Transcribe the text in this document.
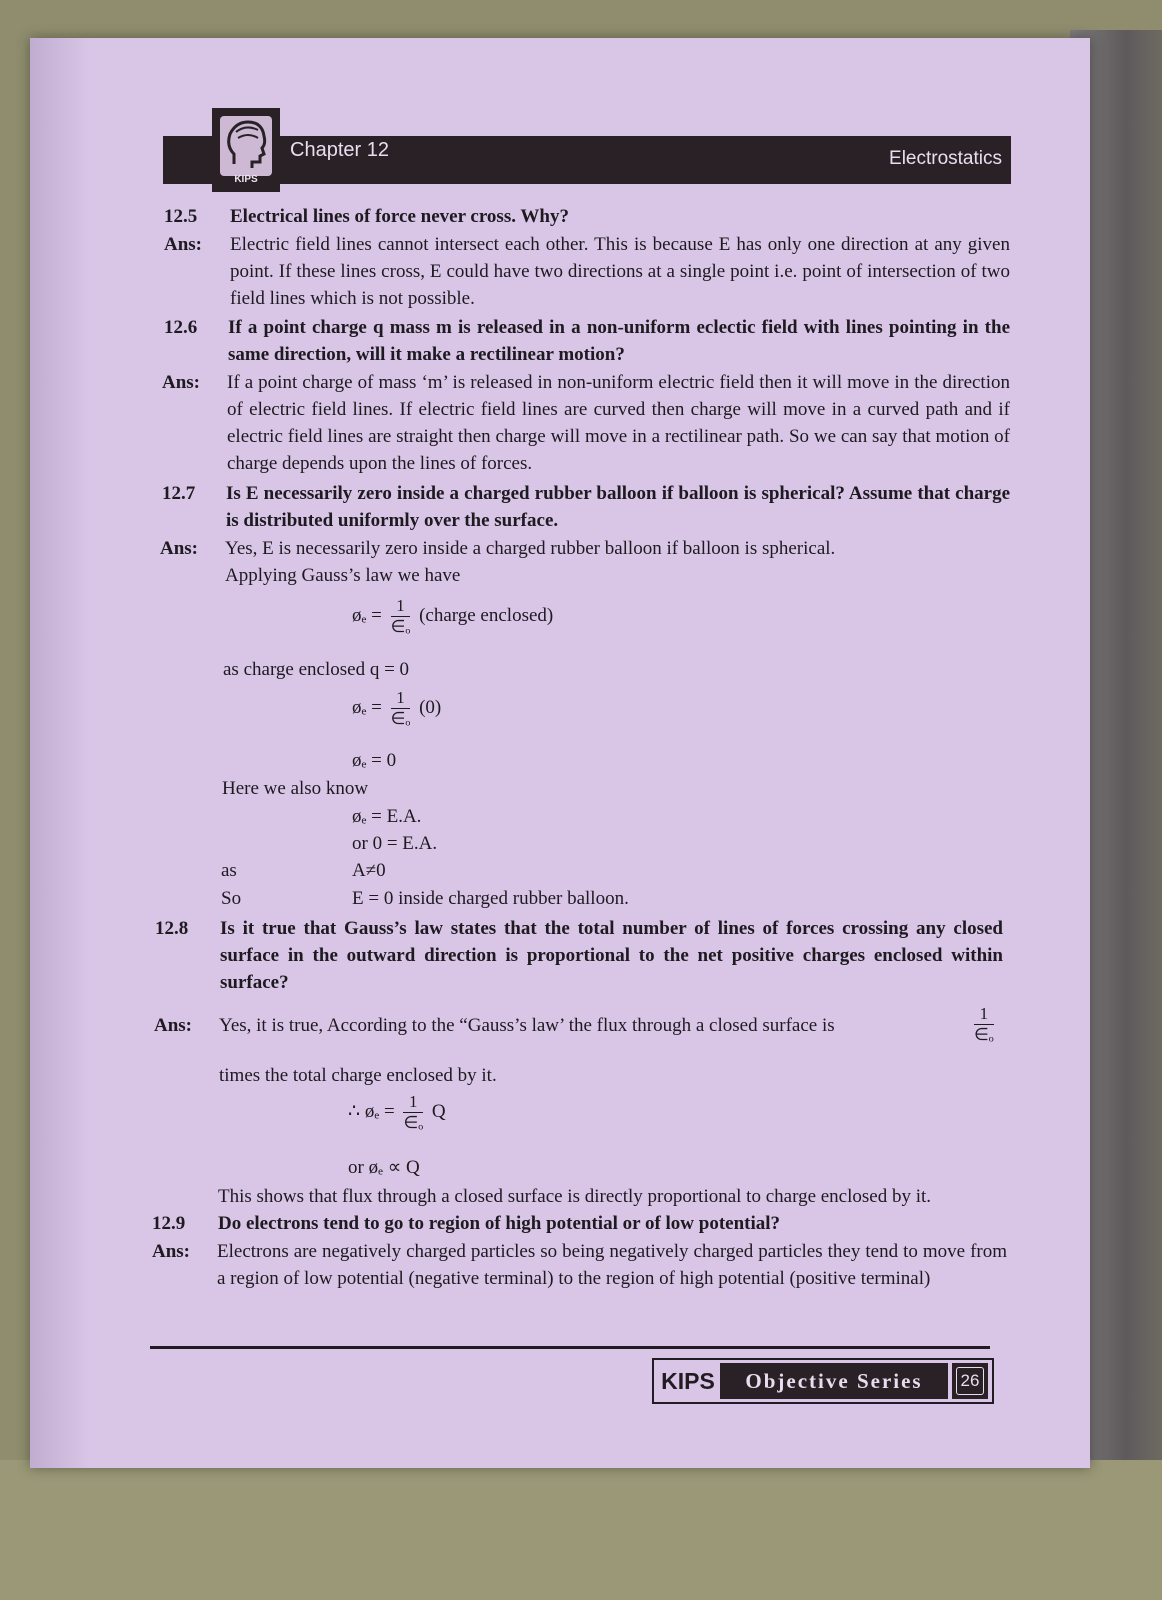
KIPS
Chapter 12	Electrostatics
12.5 Electrical lines of force never cross. Why?
Ans: Electric field lines cannot intersect each other. This is because E has only one direction at any given point. If these lines cross, E could have two directions at a single point i.e. point of intersection of two field lines which is not possible.
12.6 If a point charge q mass m is released in a non-uniform eclectic field with lines pointing in the same direction, will it make a rectilinear motion?
Ans: If a point charge of mass ‘m’ is released in non-uniform electric field then it will move in the direction of electric field lines. If electric field lines are curved then charge will move in a curved path and if electric field lines are straight then charge will move in a rectilinear path. So we can say that motion of charge depends upon the lines of forces.
12.7 Is E necessarily zero inside a charged rubber balloon if balloon is spherical? Assume that charge is distributed uniformly over the surface.
Ans: Yes, E is necessarily zero inside a charged rubber balloon if balloon is spherical.
Applying Gauss’s law we have
øₑ = $\frac{1}{\text{∈ₒ}}$ (charge enclosed)
as charge enclosed q = 0
øₑ = $\frac{1}{\text{∈ₒ}} (0)$
øₑ = 0
Here we also know
øₑ = E.A.
or 0 = E.A.
as	A≠0
So	E = 0 inside charged rubber balloon.
12.8 Is it true that Gauss’s law states that the total number of lines of forces crossing any closed surface in the outward direction is proportional to the net positive charges enclosed within surface?
Ans: Yes, it is true, According to the “Gauss’s law’ the flux through a closed surface is	$\frac{1}{\text{∈ₒ}}$
times the total charge enclosed by it.
∴ øₑ = $\frac{1}{\text{∈ₒ}}$ Q
or øₑ ∝ Q
This shows that flux through a closed surface is directly proportional to charge enclosed by it.
12.9 Do electrons tend to go to region of high potential or of low potential?
Ans: Electrons are negatively charged particles so being negatively charged particles they tend to move from a region of low potential (negative terminal) to the region of high potential (positive terminal)
KIPS	Objective Series	26
